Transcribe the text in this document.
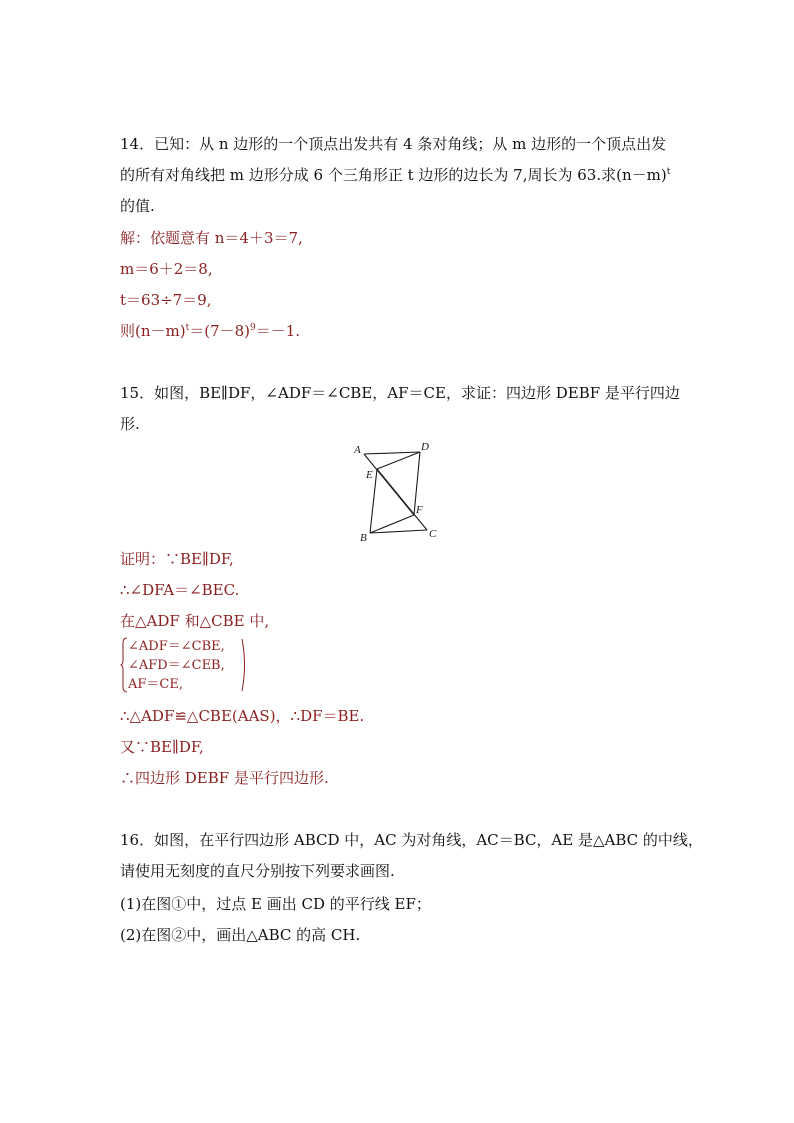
14．已知：从 n 边形的一个顶点出发共有 4 条对角线；从 m 边形的一个顶点出发
的所有对角线把 m 边形分成 6 个三角形正 t 边形的边长为 7,周长为 63.求$(n-m)^t$
的值.
解：依题意有 n＝4＋3＝7,
m＝6＋2＝8,
t＝63÷7＝9,
则$(n-m)^t=(7-8)^9=-1$.
15．如图，BE∥DF，∠ADF＝∠CBE，AF＝CE，求证：四边形 DEBF 是平行四边
形.
A	D
E
F
B	C
证明：∵BE∥DF,
∴∠DFA＝∠BEC.
在△ADF 和△CBE 中,
∠ADF＝∠CBE,
∠AFD＝∠CEB,
AF＝CE,
∴△ADF≌△CBE(AAS)，∴DF＝BE.
又∵BE∥DF,
∴四边形 DEBF 是平行四边形.
16．如图，在平行四边形 ABCD 中，AC 为对角线，AC＝BC，AE 是△ABC 的中线，
请使用无刻度的直尺分别按下列要求画图.
(1)在图①中，过点 E 画出 CD 的平行线 EF；
(2)在图②中，画出△ABC 的高 CH.
